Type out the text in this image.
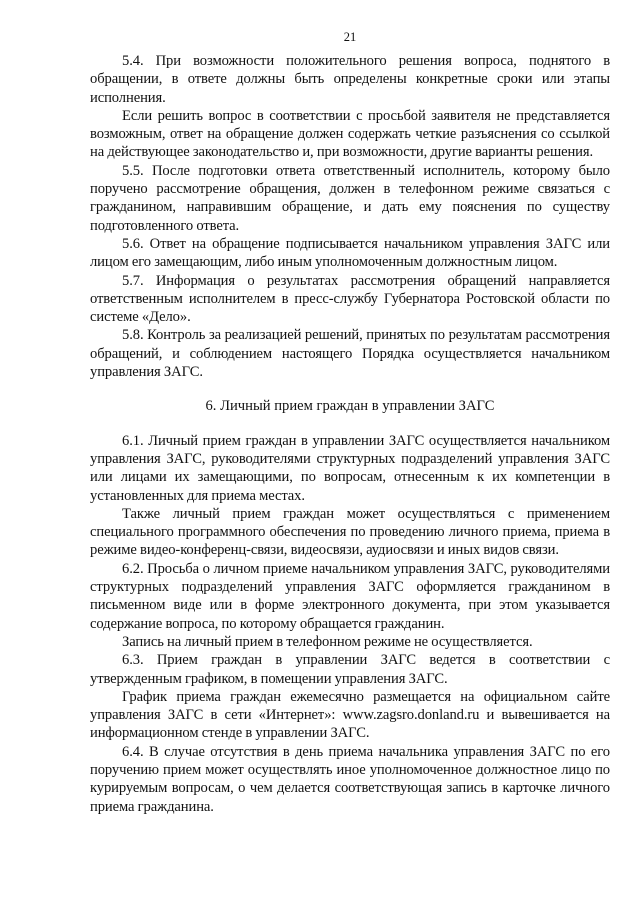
21

5.4. При возможности положительного решения вопроса, поднятого в обращении, в ответе должны быть определены конкретные сроки или этапы исполнения.

Если решить вопрос в соответствии с просьбой заявителя не представляется возможным, ответ на обращение должен содержать четкие разъяснения со ссылкой на действующее законодательство и, при возможности, другие варианты решения.

5.5. После подготовки ответа ответственный исполнитель, которому было поручено рассмотрение обращения, должен в телефонном режиме связаться с гражданином, направившим обращение, и дать ему пояснения по существу подготовленного ответа.

5.6. Ответ на обращение подписывается начальником управления ЗАГС или лицом его замещающим, либо иным уполномоченным должностным лицом.

5.7. Информация о результатах рассмотрения обращений направляется ответственным исполнителем в пресс-службу Губернатора Ростовской области по системе «Дело».

5.8. Контроль за реализацией решений, принятых по результатам рассмотрения обращений, и соблюдением настоящего Порядка осуществляется начальником управления ЗАГС.

6. Личный прием граждан в управлении ЗАГС

6.1. Личный прием граждан в управлении ЗАГС осуществляется начальником управления ЗАГС, руководителями структурных подразделений управления ЗАГС или лицами их замещающими, по вопросам, отнесенным к их компетенции в установленных для приема местах.

Также личный прием граждан может осуществляться с применением специального программного обеспечения по проведению личного приема, приема в режиме видео-конференц-связи, видеосвязи, аудиосвязи и иных видов связи.

6.2. Просьба о личном приеме начальником управления ЗАГС, руководителями структурных подразделений управления ЗАГС оформляется гражданином в письменном виде или в форме электронного документа, при этом указывается содержание вопроса, по которому обращается гражданин.

Запись на личный прием в телефонном режиме не осуществляется.

6.3. Прием граждан в управлении ЗАГС ведется в соответствии с утвержденным графиком, в помещении управления ЗАГС.

График приема граждан ежемесячно размещается на официальном сайте управления ЗАГС в сети «Интернет»: www.zagsro.donland.ru и вывешивается на информационном стенде в управлении ЗАГС.

6.4. В случае отсутствия в день приема начальника управления ЗАГС по его поручению прием может осуществлять иное уполномоченное должностное лицо по курируемым вопросам, о чем делается соответствующая запись в карточке личного приема гражданина.
